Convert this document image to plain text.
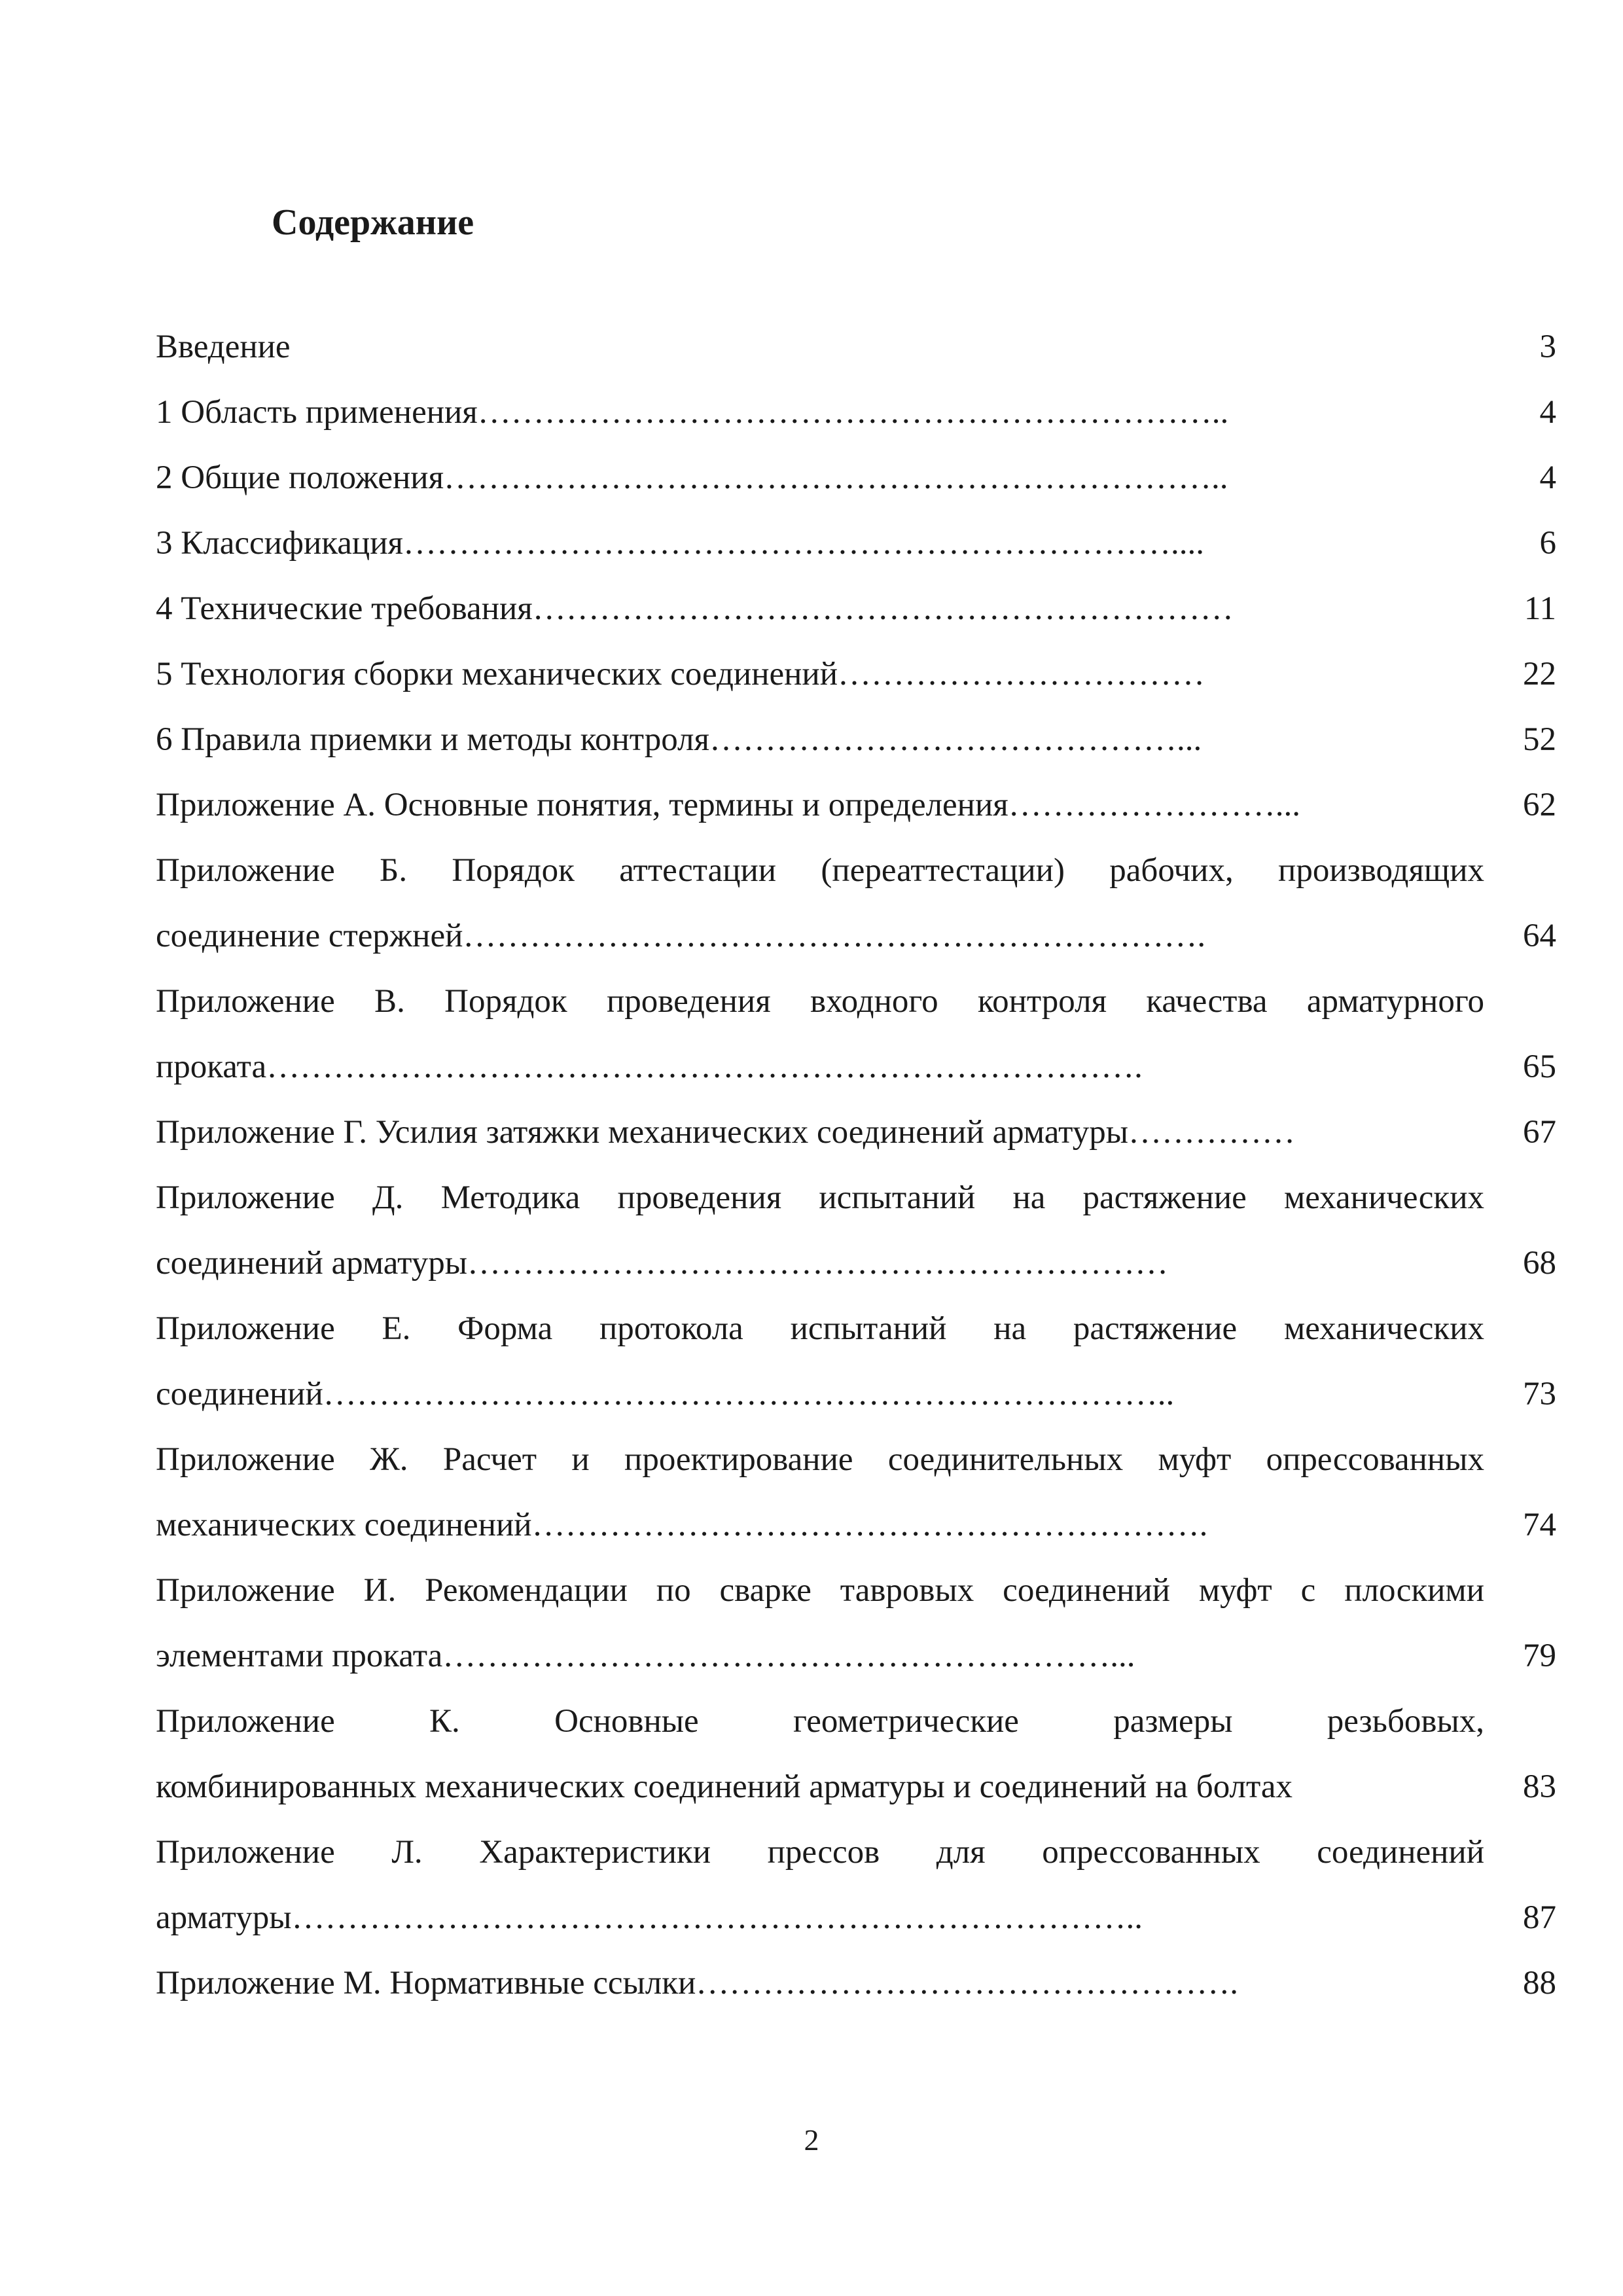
Содержание
Введение	3
1 Область применения …………………………………………………………..	4
2 Общие положения ……………………………………………………………..	4
3 Классификация ……………………………………………………………....	6
4 Технические требования ………………………………………………………	11
5 Технология сборки механических соединений ……………………………	22
6 Правила приемки и методы контроля ……………………………………...	52
Приложение А. Основные понятия, термины и определения ……………………...	62
Приложение Б. Порядок аттестации (переаттестации) рабочих, производящих
соединение стержней ………………………………………………………….	64
Приложение В. Порядок проведения входного контроля качества арматурного
проката …………………………………………………………………….	65
Приложение Г. Усилия затяжки механических соединений арматуры ……………	67
Приложение Д. Методика проведения испытаний на растяжение механических
соединений арматуры ………………………………………………………	68
Приложение Е. Форма протокола испытаний на растяжение механических
соединений …………………………………………………………………..	73
Приложение Ж. Расчет и проектирование соединительных муфт опрессованных
механических соединений …………………………………………………….	74
Приложение И. Рекомендации по сварке тавровых соединений муфт с плоскими
элементами проката ……………………………………………………...	79
Приложение К. Основные геометрические размеры резьбовых,
комбинированных механических соединений арматуры и соединений на болтах	83
Приложение Л. Характеристики прессов для опрессованных соединений
арматуры …………………………………………………………………..	87
Приложение М. Нормативные ссылки ………………………………………….	88
2
